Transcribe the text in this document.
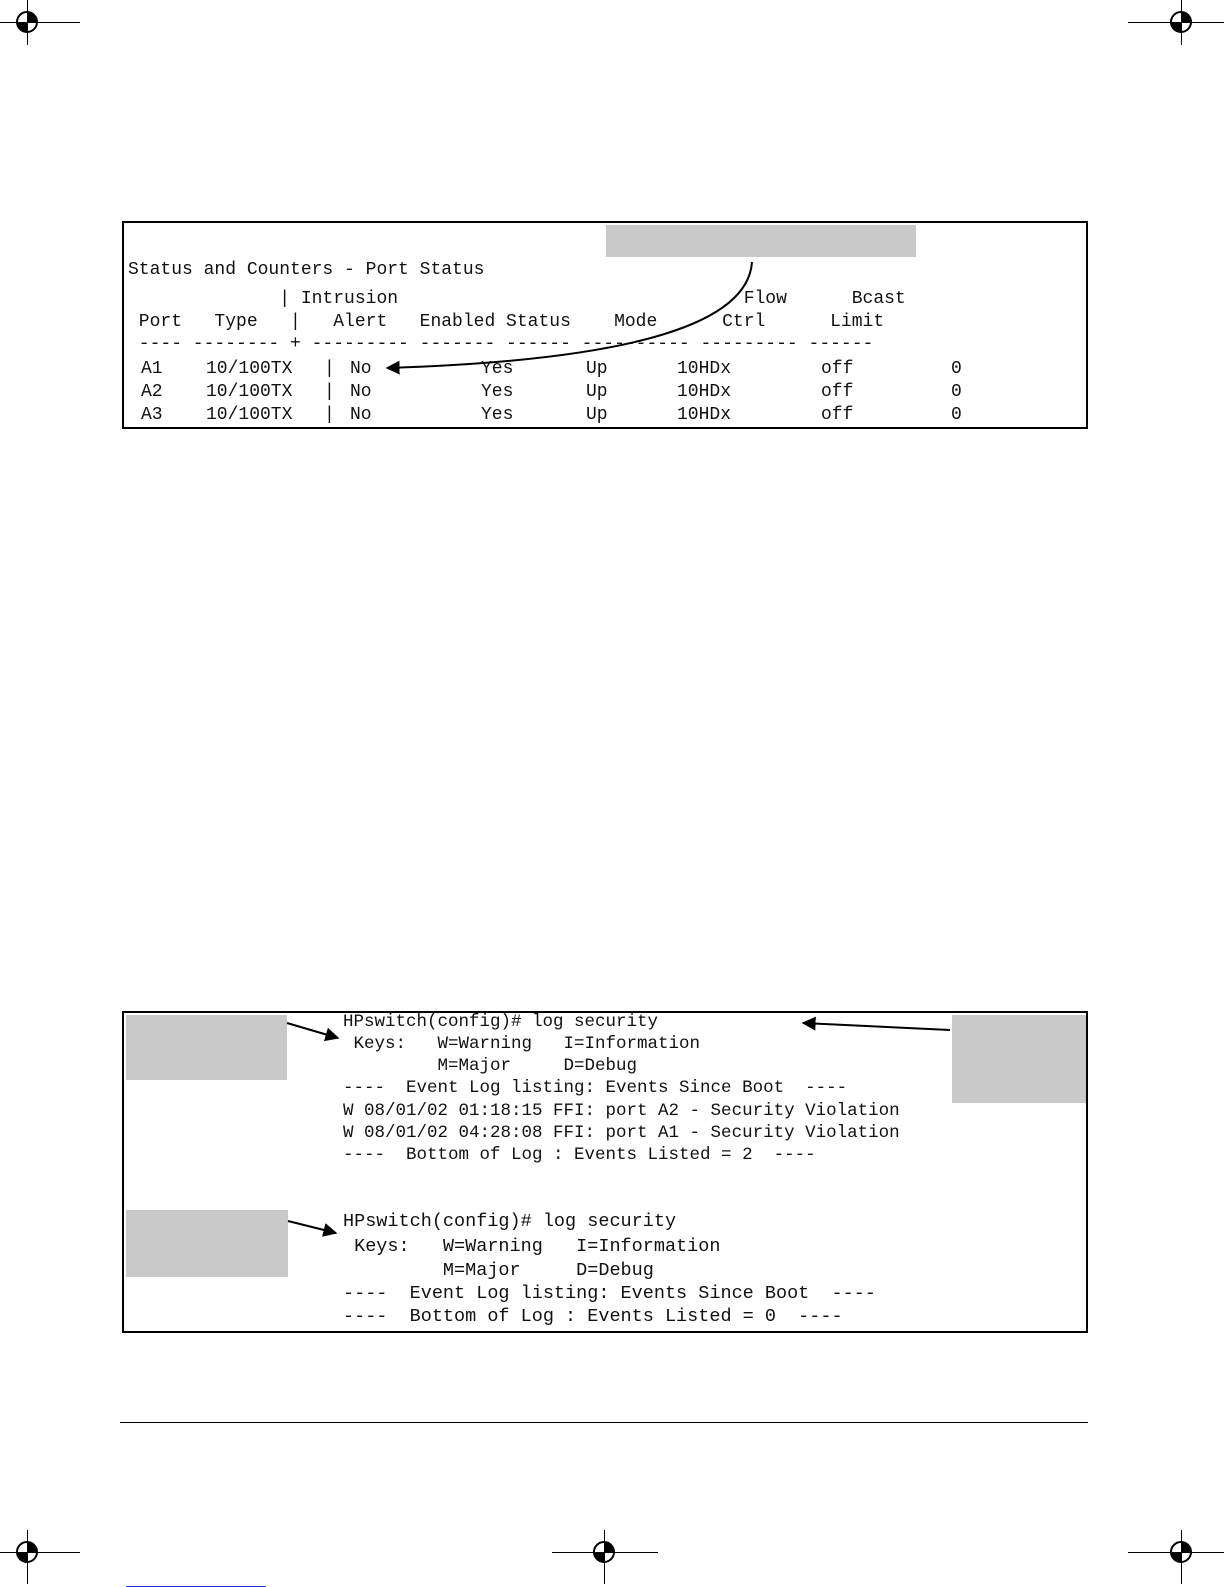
Status and Counters - Port Status
| Intrusion                                Flow      Bcast
Port   Type   |   Alert   Enabled Status    Mode      Ctrl      Limit
---- -------- + --------- ------- ------ ---------- --------- ------
A1 10/100TX | No	Yes	Up	10HDx	off	0
A2 10/100TX | No	Yes	Up	10HDx	off	0
A3 10/100TX | No	Yes	Up	10HDx	off	0
HPswitch(config)# log security
Keys:   W=Warning   I=Information
M=Major     D=Debug
----  Event Log listing: Events Since Boot  ----
W 08/01/02 01:18:15 FFI: port A2 - Security Violation
W 08/01/02 04:28:08 FFI: port A1 - Security Violation
----  Bottom of Log : Events Listed = 2  ----
HPswitch(config)# log security
Keys:   W=Warning   I=Information
M=Major     D=Debug
----  Event Log listing: Events Since Boot  ----
----  Bottom of Log : Events Listed = 0  ----
